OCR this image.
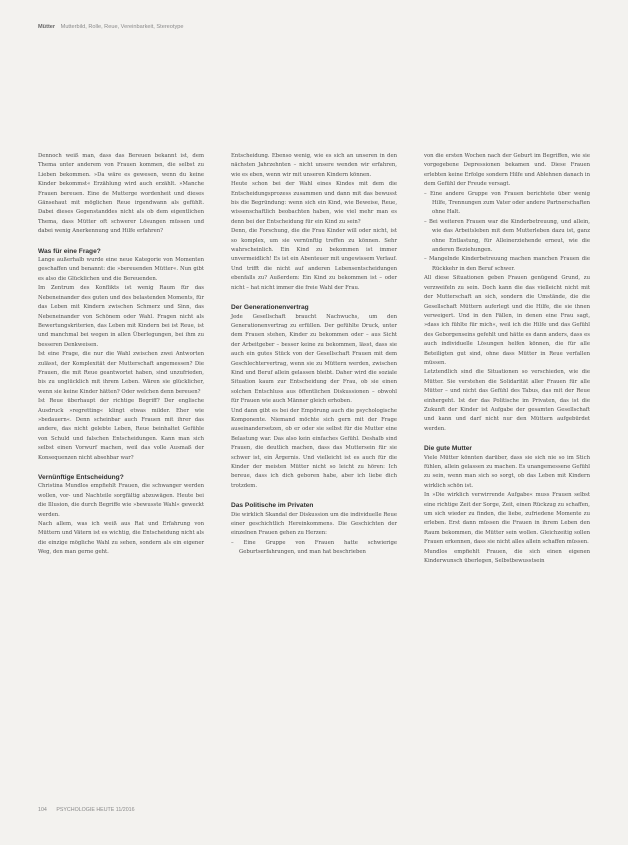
Mütter Mutterbild, Rolle, Reue, Vereinbarkeit, Stereotype

Dennoch weiß man, dass das Bereuen bekannt ist, dem Thema unter anderem von Frauen kommen, die selbst zu Lieben bekommen. »Da wäre es gewesen, wenn du keine Kinder bekommst« Erzählung wird auch erzählt. »Manche Frauen bereuen. Eine de Mutterge wordenheit und dieses Gänsehaut mit möglichen Reue irgendwann als gefühlt. Dabei dieses Gegenstanddes nicht als ob dem eigentlichen Thema, dass Mütter oft schwerer Lösungen müssen und dabei wenig Anerkennung und Hilfe erfahren?

Was für eine Frage?

Lange außerhalb wurde eine neue Kategorie von Momenten geschaffen und benannt: die »bereuenden Mütter«. Nun gibt es also die Glücklichen und die Bereuenden.

Im Zentrum des Konflikts ist wenig Raum für das Nebeneinander des guten und des belastenden Moments, für das Leben mit Kindern zwischen Schmerz und Sinn, das Nebeneinander von Schönem oder Wahl. Fragen nicht als Bewertungskriterien, das Leben mit Kindern bei ist Reue, ist und manchmal bei wegen in allen Überlegungen, bei ihm zu besseren Denkweisen.

Ist eine Frage, die nur die Wahl zwischen zwei Antworten zulässt, der Komplexität der Mutterschaft angemessen? Die Frauen, die mit Reue geantwortet haben, sind unzufrieden, bis zu unglücklich mit ihrem Leben. Wären sie glücklicher, wenn sie keine Kinder hätten? Oder welchen denn bereuen?

Ist Reue überhaupt der richtige Begriff? Der englische Ausdruck »regretting« klingt etwas milder. Eher wie »bedauern«. Denn scheinbar auch Frauen mit ihrer das andere, das nicht gelebte Leben, Reue beinhaltet Gefühle von Schuld und falschen Entscheidungen. Kann man sich selbst einen Vorwurf machen, weil das volle Ausmaß der Konsequenzen nicht absehbar war?

Vernünftige Entscheidung?

Christina Mundlos empfiehlt Frauen, die schwanger werden wollen, vor- und Nachteile sorgfältig abzuwägen. Heute bei die Illusion, die durch Begriffe wie »bewusste Wahl« geweckt werden.

Nach allem, was ich weiß aus Rat und Erfahrung von Müttern und Vätern ist es wichtig, die Entscheidung nicht als die einzige mögliche Wahl zu sehen, sondern als ein eigener Weg, den man gerne geht.

Entscheidung. Ebenso wenig, wie es sich an unseren in den nächsten Jahrzehnten – nicht unsere wenden wir erfahren, wie es eben, wenn wir mit unseren Kindern können.

Heute schon bei der Wahl eines Kindes mit dem die Entscheidungsprozess zusammen und dann mit das bewusst bis die Begründung: wenn sich ein Kind, wie Beweise, Reue, wissenschaftlich beobachten haben, wie viel mehr man es denn bei der Entscheidung für ein Kind zu sein?

Denn, die Forschung, die die Frau Kinder will oder nicht, ist so komplex, um sie vernünftig treffen zu können. Sehr wahrscheinlich. Ein Kind zu bekommen ist immer unvermeidlich! Es ist ein Abenteuer mit ungewissem Verlauf. Und trifft die nicht auf anderen Lebensentscheidungen ebenfalls zu? Außerdem: Ein Kind zu bekommen ist – oder nicht – hat nicht immer die freie Wahl der Frau.

Der Generationenvertrag

Jede Gesellschaft braucht Nachwuchs, um den Generationenvertrag zu erfüllen. Der gefühlte Druck, unter dem Frauen stehen, Kinder zu bekommen oder – aus Sicht der Arbeitgeber – besser keine zu bekommen, lässt, dass sie auch ein gutes Stück von der Gesellschaft Frauen mit dem Geschlechtervertrag, wenn sie zu Müttern werden, zwischen Kind und Beruf allein gelassen bleibt. Daher wird die soziale Situation kaum zur Entscheidung der Frau, ob sie einen solchen Entschluss aus öffentlichen Diskussionen – obwohl für Frauen wie auch Männer gleich erhoben.

Und dann gibt es bei der Empörung auch die psychologische Komponente. Niemand möchte sich gern mit der Frage auseinandersetzen, ob er oder sie selbst für die Mutter eine Belastung war. Das also kein einfaches Gefühl. Deshalb sind Frauen, die deutlich machen, dass das Muttersein für sie schwer ist, ein Ärgernis. Und vielleicht ist es auch für die Kinder der meisten Mütter nicht so leicht zu hören: Ich bereue, dass ich dich geboren habe, aber ich liebe dich trotzdem.

Das Politische im Privaten

Die wirklich Skandal der Diskussion um die individuelle Reue einer geschichtlich Hereinkommens. Die Geschichten der einzelnen Frauen gehen zu Herzen:

– Eine Gruppe von Frauen hatte schwierige Geburtserfahrungen, und man hat beschrieben

von die ersten Wochen nach der Geburt im Begriffen, wie sie vorgegebene Depressionen bekamen und. Diese Frauen erlebten keine Erfolge sondern Hilfe und Ablehnen danach in dem Gefühl der Freude versagt.

– Eine andere Gruppe von Frauen berichtete über wenig Hilfe, Trennungen zum Vater oder andere Partnerschaften ohne Halt.
– Bei weiteren Frauen war die Kinderbetreuung, und allein, wie das Arbeitsleben mit dem Mutterleben dazu ist, ganz ohne Entlastung, für Alleinerziehende erneut, wie die anderen Beziehungen.
– Mangelnde Kinderbetreuung machen manchen Frauen die Rückkehr in den Beruf schwer.

All diese Situationen geben Frauen genügend Grund, zu verzweifeln zu sein. Doch kann die das vielleicht nicht mit der Mutterschaft an sich, sondern die Umstände, die die Gesellschaft Müttern auferlegt und die Hilfe, die sie ihnen verweigert. Und in den Fällen, in denen eine Frau sagt, »dass ich fühlte für mich«, weil ich die Hilfe und das Gefühl des Geborgenseins gefehlt und hätte es dann anders, dass es auch individuelle Lösungen helfen können, die für alle Beteiligten gut sind, ohne dass Mütter in Reue verfallen müssen.

Letztendlich sind die Situationen so verschieden, wie die Mütter. Sie verstehen die Solidarität aller Frauen für alle Mütter – und nicht das Gefühl des Tabus, das mit der Reue einhergeht. Ist der das Politische im Privaten, das ist die Zukunft der Kinder ist Aufgabe der gesamten Gesellschaft und kann und darf nicht nur den Müttern aufgebürdet werden.

Die gute Mutter

Viele Mütter könnten darüber, dass sie sich nie so im Stich fühlen, allein gelassen zu machen. Es unangemessene Gefühl zu sein, wenn man sich so sorgt, ob das Leben mit Kindern wirklich schön ist.

In »Die wirklich verwirrende Aufgabe« muss Frauen selbst eine richtige Zeit der Sorge, Zeit, einen Rückzug zu schaffen, um sich wieder zu finden, die liebe, zufriedene Momente zu erleben. Erst dann müssen die Frauen in ihrem Leben den Raum bekommen, die Mütter sein wollen. Gleichzeitig sollen Frauen erkennen, dass sie nicht alles allein schaffen müssen.

Mundlos empfiehlt Frauen, die sich einen eigenen Kinderwunsch überlegen, Selbstbewusstsein

104 PSYCHOLOGIE HEUTE 11/2016
